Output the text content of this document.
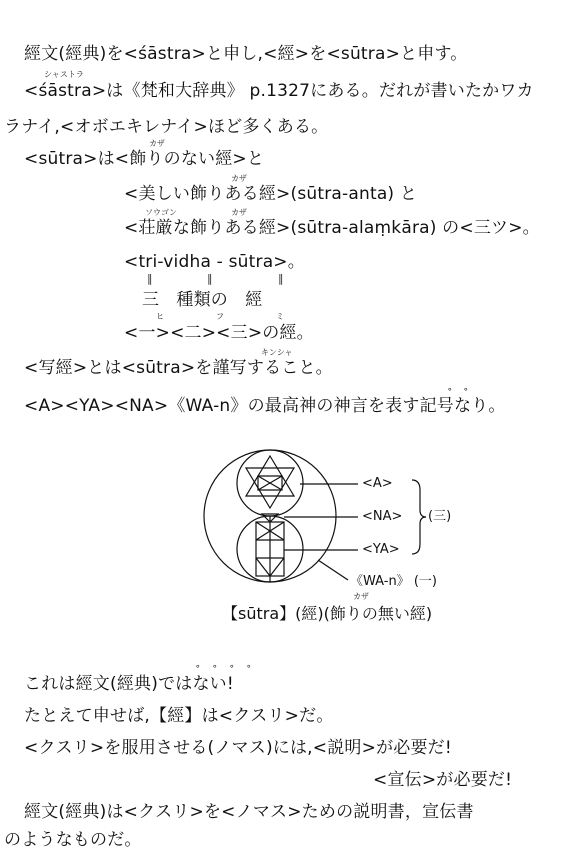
シャストラ
カザ
カザ
ソウゴン	カザ
ヒ	フ	ミ
キンシャ
カザ
經文(經典)を<śāstra>と申し,<經>を<sūtra>と申す。
<śāstra>は《梵和大辞典》 p.1327にある。だれが書いたかワカ
ラナイ,<オボエキレナイ>ほど多くある。
<sūtra>は<飾りのない經>と
<美しい飾りある經>(sūtra-anta) と
<荘厳な飾りある經>(sūtra-alaṃkāra) の<三ツ>。
<tri-vidha - sūtra>。
‖	‖	‖
三　種類の　經
<一><二><三>の經。
<写經>とは<sūtra>を謹写すること。
<A><YA><NA>《WA-n》の最高神の神言を表す記号なり。
∘ ∘
<A>
<NA>
<YA>
(三)
《WA-n》 (一)
【sūtra】(經)(飾りの無い經)
これは經文(經典)ではない!
∘ ∘ ∘ ∘
たとえて申せば,【經】は<クスリ>だ。
<クスリ>を服用させる(ノマス)には,<説明>が必要だ!
<宣伝>が必要だ!
經文(經典)は<クスリ>を<ノマス>ための説明書，宣伝書
のようなものだ。
